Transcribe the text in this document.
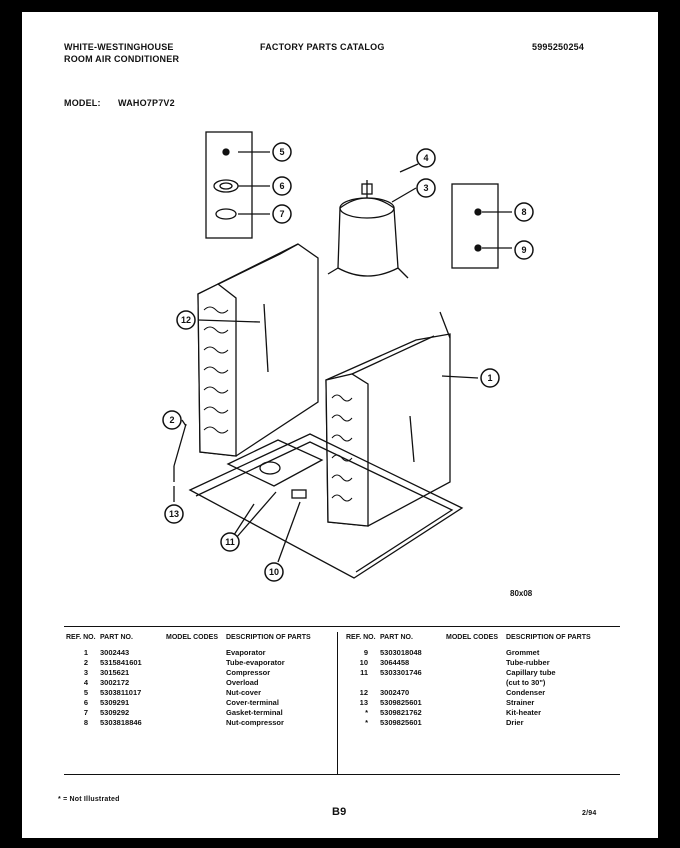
WHITE-WESTINGHOUSE
ROOM AIR CONDITIONER
FACTORY PARTS CATALOG	5995250254
MODEL: WAHO7P7V2
1
2
3
4
5
6
7	8
9
10
11
12
13
80x08
REF. NO.	PART NO.	MODEL CODES	DESCRIPTION OF PARTS
1	3002443		Evaporator
2	5315841601		Tube-evaporator
3	3015621		Compressor
4	3002172		Overload
5	5303811017		Nut-cover
6	5309291		Cover-terminal
7	5309292		Gasket-terminal
8	5303818846		Nut-compressor
REF. NO.	PART NO.	MODEL CODES	DESCRIPTION OF PARTS
9	5303018048		Grommet
10	3064458		Tube-rubber
11	5303301746		Capillary tube
			(cut to 30")
12	3002470		Condenser
13	5309825601		Strainer
*	5309821762		Kit-heater
*	5309825601		Drier
* = Not Illustrated
B9	2/94
